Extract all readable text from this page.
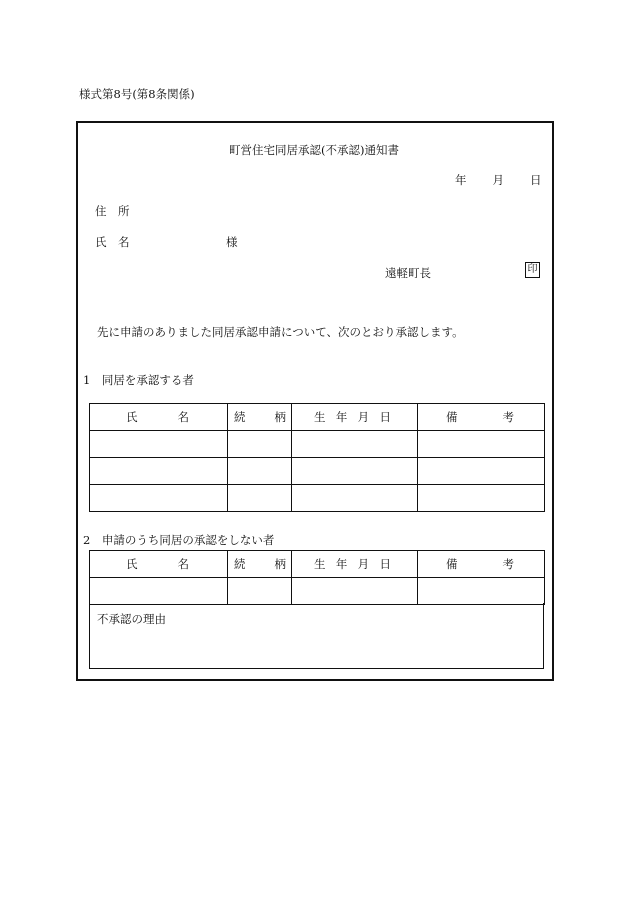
様式第8号(第8条関係)
町営住宅同居承認(不承認)通知書
年 月 日
住　所
氏　名	様
遠軽町長	印
先に申請のありました同居承認申請について、次のとおり承認します。
1　同居を承認する者
氏 名	続 柄	生 年 月 日	備 考

2　申請のうち同居の承認をしない者
氏 名	続 柄	生 年 月 日	備 考

不承認の理由
